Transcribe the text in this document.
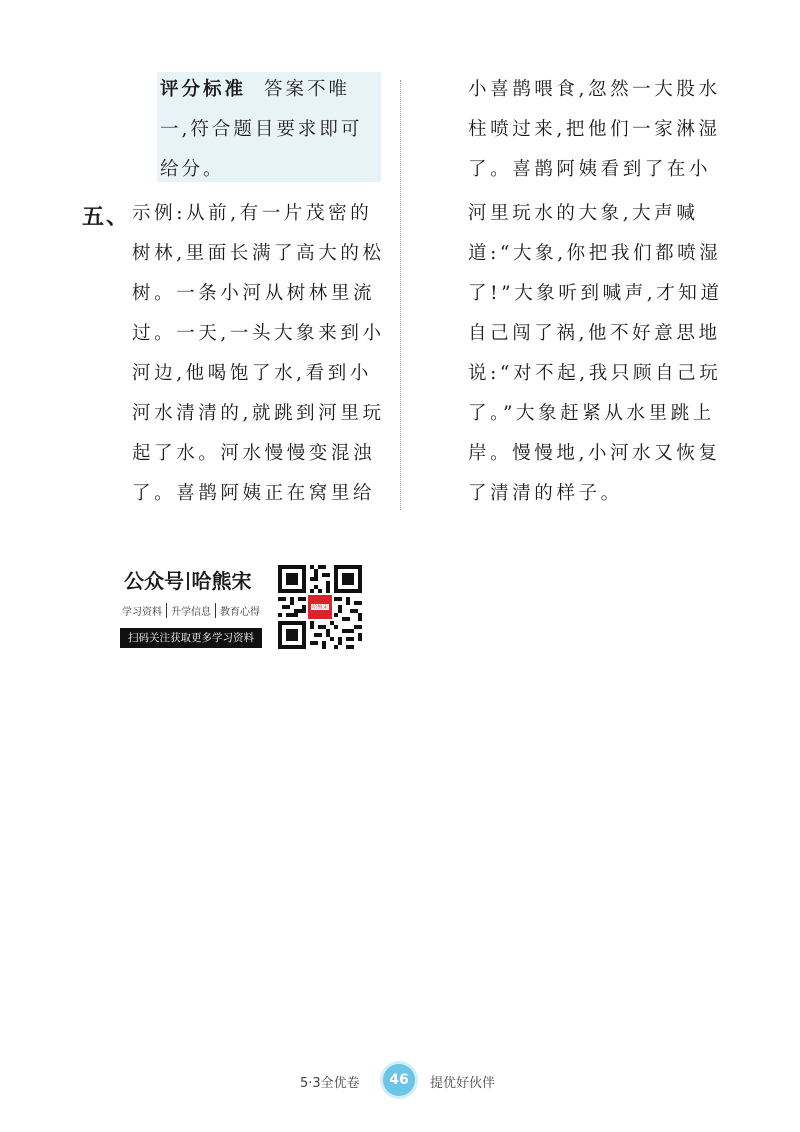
评分标准 答案不唯
一,符合题目要求即可
给分。
五、 示例:从前,有一片茂密的
树林,里面长满了高大的松
树。一条小河从树林里流
过。一天,一头大象来到小
河边,他喝饱了水,看到小
河水清清的,就跳到河里玩
起了水。河水慢慢变混浊
了。喜鹊阿姨正在窝里给
小喜鹊喂食,忽然一大股水
柱喷过来,把他们一家淋湿
了。喜鹊阿姨看到了在小
河里玩水的大象,大声喊
道:“大象,你把我们都喷湿
了!”大象听到喊声,才知道
自己闯了祸,他不好意思地
说:“对不起,我只顾自己玩
了。”大象赶紧从水里跳上
岸。慢慢地,小河水又恢复
了清清的样子。
公众号 哈熊宋
学习资料 升学信息 教育心得
扫码关注获取更多学习资料
哈熊宋
5·3全优卷	46	提优好伙伴
